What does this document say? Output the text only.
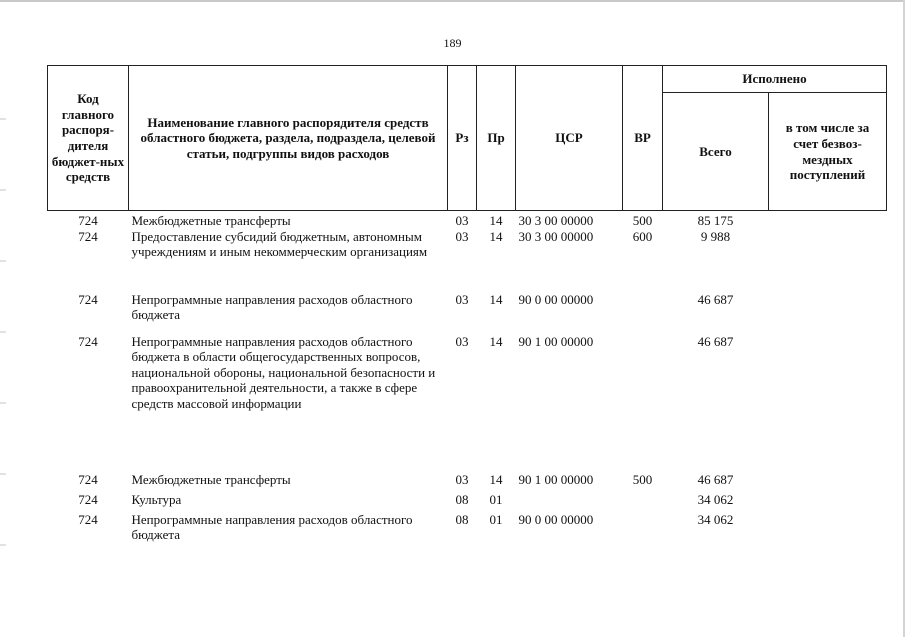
189
Код главного распоря-дителя бюджет-ных средств	Наименование главного распорядителя средств областного бюджета, раздела, подраздела, целевой статьи, подгруппы видов расходов	Рз	Пр	ЦСР	ВР	Исполнено	
						Всего	в том числе за счет безвоз-мездных поступлений
724	Межбюджетные трансферты	03	14	30 3 00 00000	500	85 175	
724	Предоставление субсидий бюджетным, автономным учреждениям и иным некоммерческим организациям	03	14	30 3 00 00000	600	9 988	
724	Непрограммные направления расходов областного бюджета	03	14	90 0 00 00000		46 687	
724	Непрограммные направления расходов областного бюджета в области общегосударственных вопросов, национальной обороны, национальной безопасности и правоохранительной деятельности, а также в сфере средств массовой информации	03	14	90 1 00 00000		46 687	
724	Межбюджетные трансферты	03	14	90 1 00 00000	500	46 687	
724	Культура	08	01			34 062	
724	Непрограммные направления расходов областного бюджета	08	01	90 0 00 00000		34 062	
